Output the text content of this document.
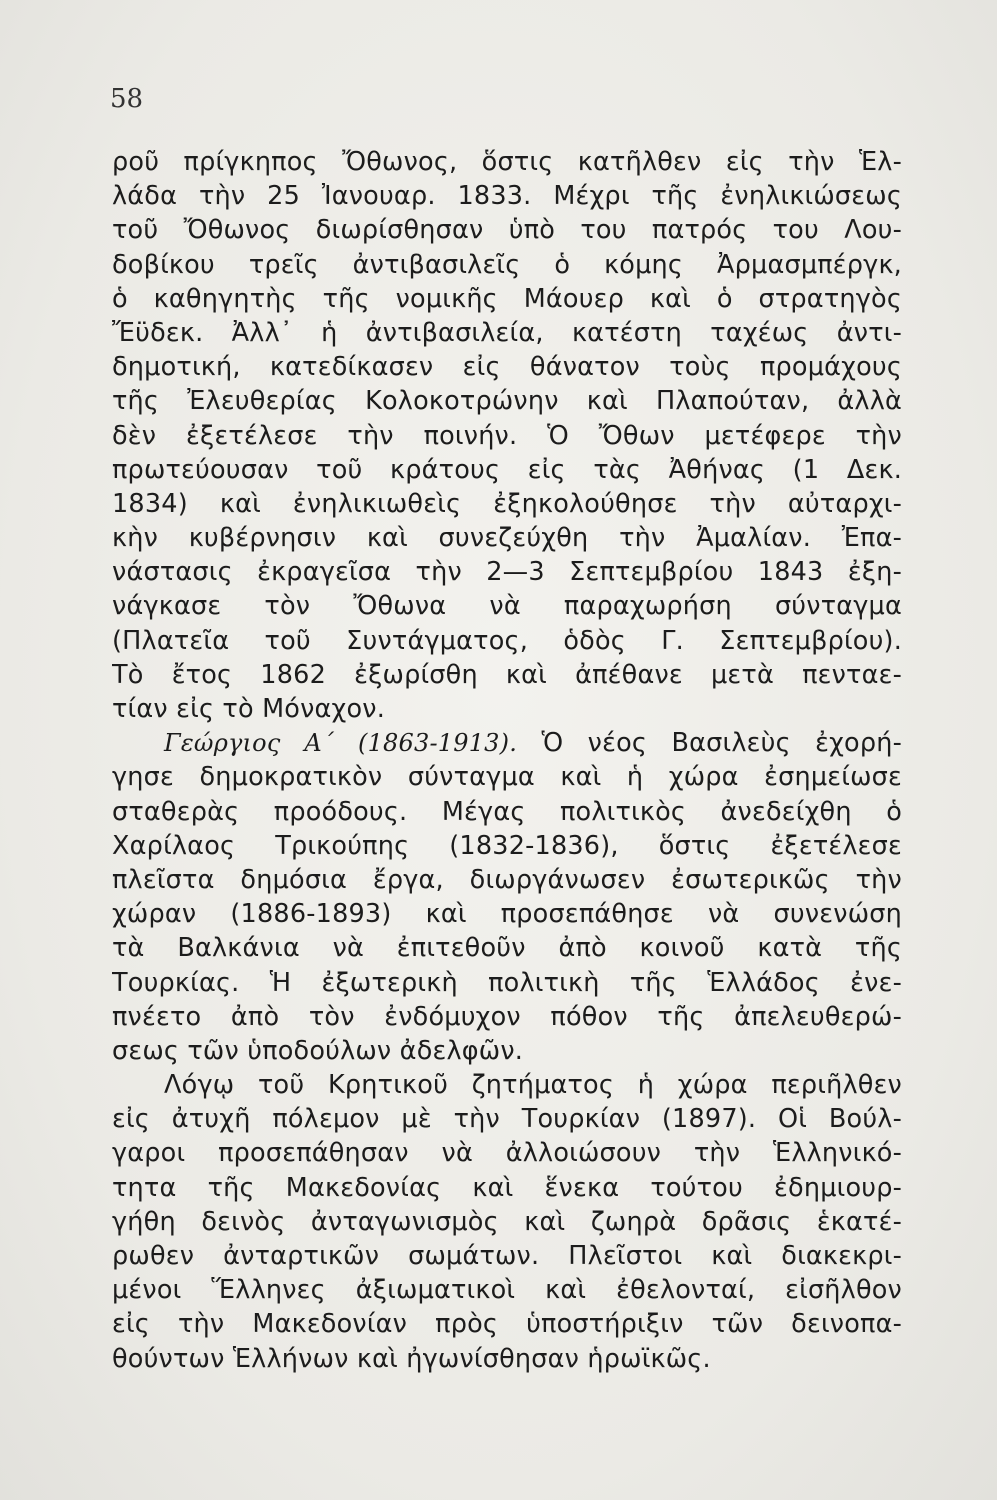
58
ροῦ πρίγκηπος Ὄθωνος, ὅστις κατῆλθεν εἰς τὴν Ἑλ-
λάδα τὴν 25 Ἰανουαρ. 1833. Μέχρι τῆς ἐνηλικιώσεως
τοῦ Ὄθωνος διωρίσθησαν ὑπὸ του πατρός του Λου-
δοβίκου τρεῖς ἀντιβασιλεῖς ὁ κόμης Ἀρμασμπέργκ,
ὁ καθηγητὴς τῆς νομικῆς Μάουερ καὶ ὁ στρατηγὸς
Ἔϋδεκ. Ἀλλ᾽ ἡ ἀντιβασιλεία, κατέστη ταχέως ἀντι-
δημοτική, κατεδίκασεν εἰς θάνατον τοὺς προμάχους
τῆς Ἐλευθερίας Κολοκοτρώνην καὶ Πλαπούταν, ἀλλὰ
δὲν ἐξετέλεσε τὴν ποινήν. Ὁ Ὄθων μετέφερε τὴν
πρωτεύουσαν τοῦ κράτους εἰς τὰς Ἀθήνας (1 Δεκ.
1834) καὶ ἐνηλικιωθεὶς ἐξηκολούθησε τὴν αὐταρχι-
κὴν κυβέρνησιν καὶ συνεζεύχθη τὴν Ἀμαλίαν. Ἐπα-
νάστασις ἐκραγεῖσα τὴν 2—3 Σεπτεμβρίου 1843 ἐξη-
νάγκασε τὸν Ὄθωνα νὰ παραχωρήση σύνταγμα
(Πλατεῖα τοῦ Συντάγματος, ὁδὸς Γ. Σεπτεμβρίου).
Τὸ ἔτος 1862 ἐξωρίσθη καὶ ἀπέθανε μετὰ πενταε-
τίαν εἰς τὸ Μόναχον.
Γεώργιος Α΄ (1863-1913). Ὁ νέος Βασιλεὺς ἐχορή-
γησε δημοκρατικὸν σύνταγμα καὶ ἡ χώρα ἐσημείωσε
σταθερὰς προόδους. Μέγας πολιτικὸς ἀνεδείχθη ὁ
Χαρίλαος Τρικούπης (1832-1836), ὅστις ἐξετέλεσε
πλεῖστα δημόσια ἔργα, διωργάνωσεν ἐσωτερικῶς τὴν
χώραν (1886-1893) καὶ προσεπάθησε νὰ συνενώση
τὰ Βαλκάνια νὰ ἐπιτεθοῦν ἀπὸ κοινοῦ κατὰ τῆς
Τουρκίας. Ἡ ἐξωτερικὴ πολιτικὴ τῆς Ἑλλάδος ἐνε-
πνέετο ἀπὸ τὸν ἐνδόμυχον πόθον τῆς ἀπελευθερώ-
σεως τῶν ὑποδούλων ἀδελφῶν.
Λόγῳ τοῦ Κρητικοῦ ζητήματος ἡ χώρα περιῆλθεν
εἰς ἀτυχῆ πόλεμον μὲ τὴν Τουρκίαν (1897). Οἱ Βούλ-
γαροι προσεπάθησαν νὰ ἀλλοιώσουν τὴν Ἑλληνικό-
τητα τῆς Μακεδονίας καὶ ἕνεκα τούτου ἐδημιουρ-
γήθη δεινὸς ἀνταγωνισμὸς καὶ ζωηρὰ δρᾶσις ἑκατέ-
ρωθεν ἀνταρτικῶν σωμάτων. Πλεῖστοι καὶ διακεκρι-
μένοι Ἕλληνες ἀξιωματικοὶ καὶ ἐθελονταί, εἰσῆλθον
εἰς τὴν Μακεδονίαν πρὸς ὑποστήριξιν τῶν δεινοπα-
θούντων Ἑλλήνων καὶ ἠγωνίσθησαν ἡρωϊκῶς.
